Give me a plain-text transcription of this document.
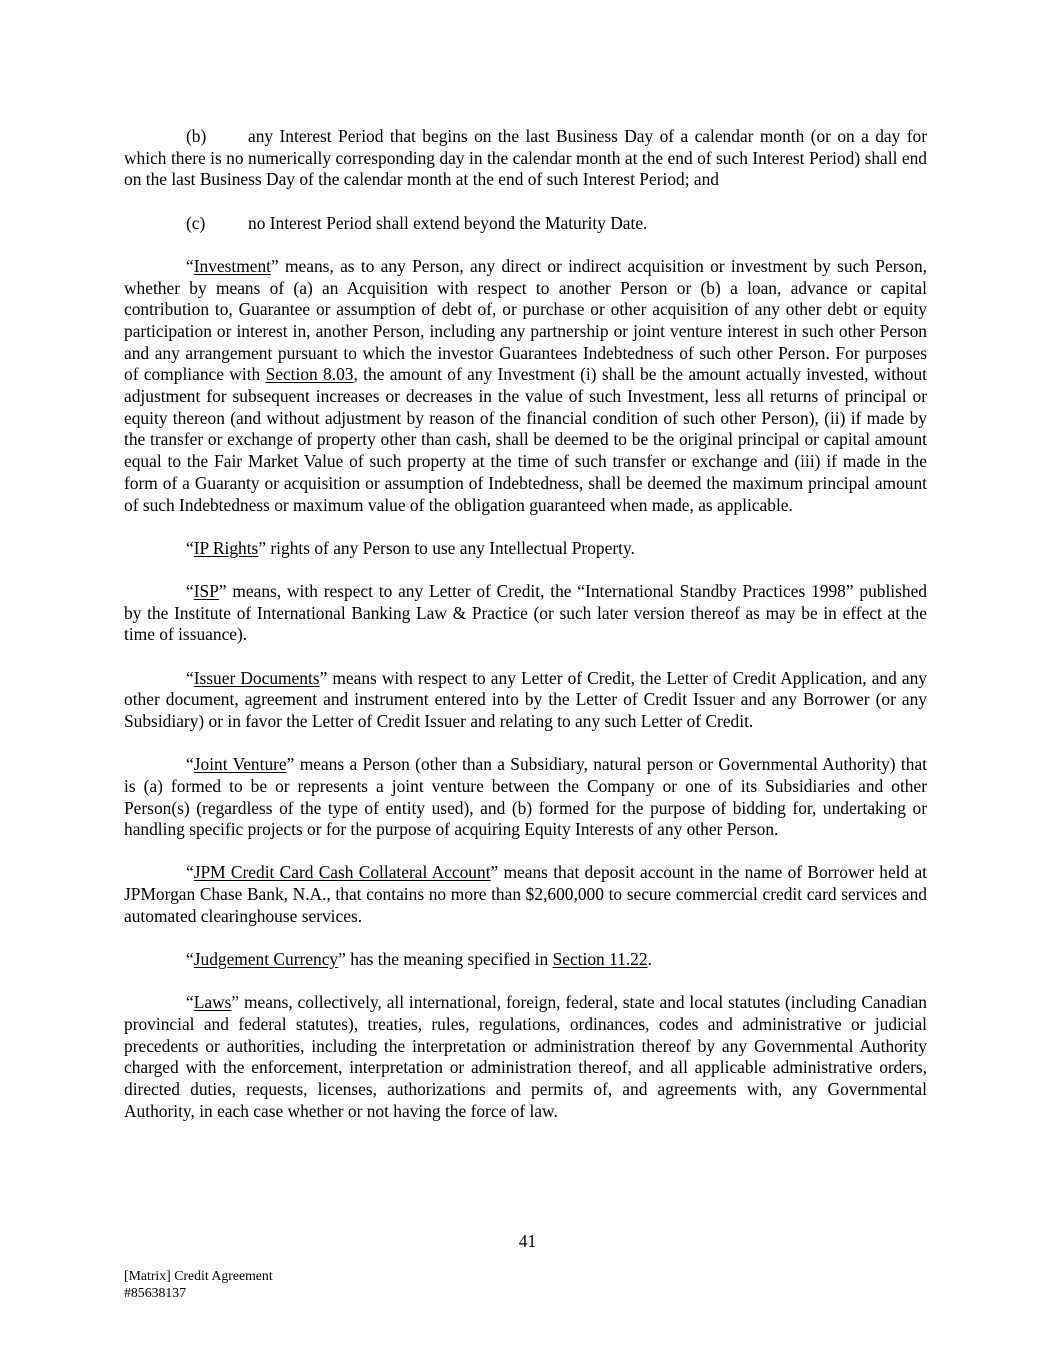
(b) any Interest Period that begins on the last Business Day of a calendar month (or on a day for which there is no numerically corresponding day in the calendar month at the end of such Interest Period) shall end on the last Business Day of the calendar month at the end of such Interest Period; and

(c) no Interest Period shall extend beyond the Maturity Date.

“Investment” means, as to any Person, any direct or indirect acquisition or investment by such Person, whether by means of (a) an Acquisition with respect to another Person or (b) a loan, advance or capital contribution to, Guarantee or assumption of debt of, or purchase or other acquisition of any other debt or equity participation or interest in, another Person, including any partnership or joint venture interest in such other Person and any arrangement pursuant to which the investor Guarantees Indebtedness of such other Person. For purposes of compliance with Section 8.03, the amount of any Investment (i) shall be the amount actually invested, without adjustment for subsequent increases or decreases in the value of such Investment, less all returns of principal or equity thereon (and without adjustment by reason of the financial condition of such other Person), (ii) if made by the transfer or exchange of property other than cash, shall be deemed to be the original principal or capital amount equal to the Fair Market Value of such property at the time of such transfer or exchange and (iii) if made in the form of a Guaranty or acquisition or assumption of Indebtedness, shall be deemed the maximum principal amount of such Indebtedness or maximum value of the obligation guaranteed when made, as applicable.

“IP Rights” rights of any Person to use any Intellectual Property.

“ISP” means, with respect to any Letter of Credit, the “International Standby Practices 1998” published by the Institute of International Banking Law & Practice (or such later version thereof as may be in effect at the time of issuance).

“Issuer Documents” means with respect to any Letter of Credit, the Letter of Credit Application, and any other document, agreement and instrument entered into by the Letter of Credit Issuer and any Borrower (or any Subsidiary) or in favor the Letter of Credit Issuer and relating to any such Letter of Credit.

“Joint Venture” means a Person (other than a Subsidiary, natural person or Governmental Authority) that is (a) formed to be or represents a joint venture between the Company or one of its Subsidiaries and other Person(s) (regardless of the type of entity used), and (b) formed for the purpose of bidding for, undertaking or handling specific projects or for the purpose of acquiring Equity Interests of any other Person.

“JPM Credit Card Cash Collateral Account” means that deposit account in the name of Borrower held at JPMorgan Chase Bank, N.A., that contains no more than $2,600,000 to secure commercial credit card services and automated clearinghouse services.

“Judgement Currency” has the meaning specified in Section 11.22.

“Laws” means, collectively, all international, foreign, federal, state and local statutes (including Canadian provincial and federal statutes), treaties, rules, regulations, ordinances, codes and administrative or judicial precedents or authorities, including the interpretation or administration thereof by any Governmental Authority charged with the enforcement, interpretation or administration thereof, and all applicable administrative orders, directed duties, requests, licenses, authorizations and permits of, and agreements with, any Governmental Authority, in each case whether or not having the force of law.

41
[Matrix] Credit Agreement
#85638137
